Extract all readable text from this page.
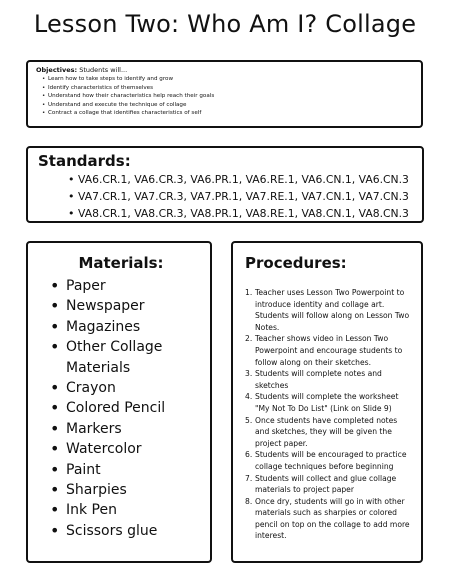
Lesson Two: Who Am I? Collage

Objectives: Students will...

• Learn how to take steps to identify and grow
• Identify characteristics of themselves
• Understand how their characteristics help reach their goals
• Understand and execute the technique of collage
• Contract a collage that identifies characteristics of self
Standards:
• VA6.CR.1, VA6.CR.3, VA6.PR.1, VA6.RE.1, VA6.CN.1, VA6.CN.3
• VA7.CR.1, VA7.CR.3, VA7.PR.1, VA7.RE.1, VA7.CN.1, VA7.CN.3
• VA8.CR.1, VA8.CR.3, VA8.PR.1, VA8.RE.1, VA8.CN.1, VA8.CN.3
Materials:
• Paper
• Newspaper
• Magazines
• Other Collage Materials
• Crayon
• Colored Pencil
• Markers
• Watercolor
• Paint
• Sharpies
• Ink Pen
• Scissors glue
Procedures:
1. Teacher uses Lesson Two Powerpoint to introduce identity and collage art. Students will follow along on Lesson Two Notes.
2. Teacher shows video in Lesson Two Powerpoint and encourage students to follow along on their sketches.
3. Students will complete notes and sketches
4. Students will complete the worksheet "My Not To Do List" (Link on Slide 9)
5. Once students have completed notes and sketches, they will be given the project paper.
6. Students will be encouraged to practice collage techniques before beginning
7. Students will collect and glue collage materials to project paper
8. Once dry, students will go in with other materials such as sharpies or colored pencil on top on the collage to add more interest.
